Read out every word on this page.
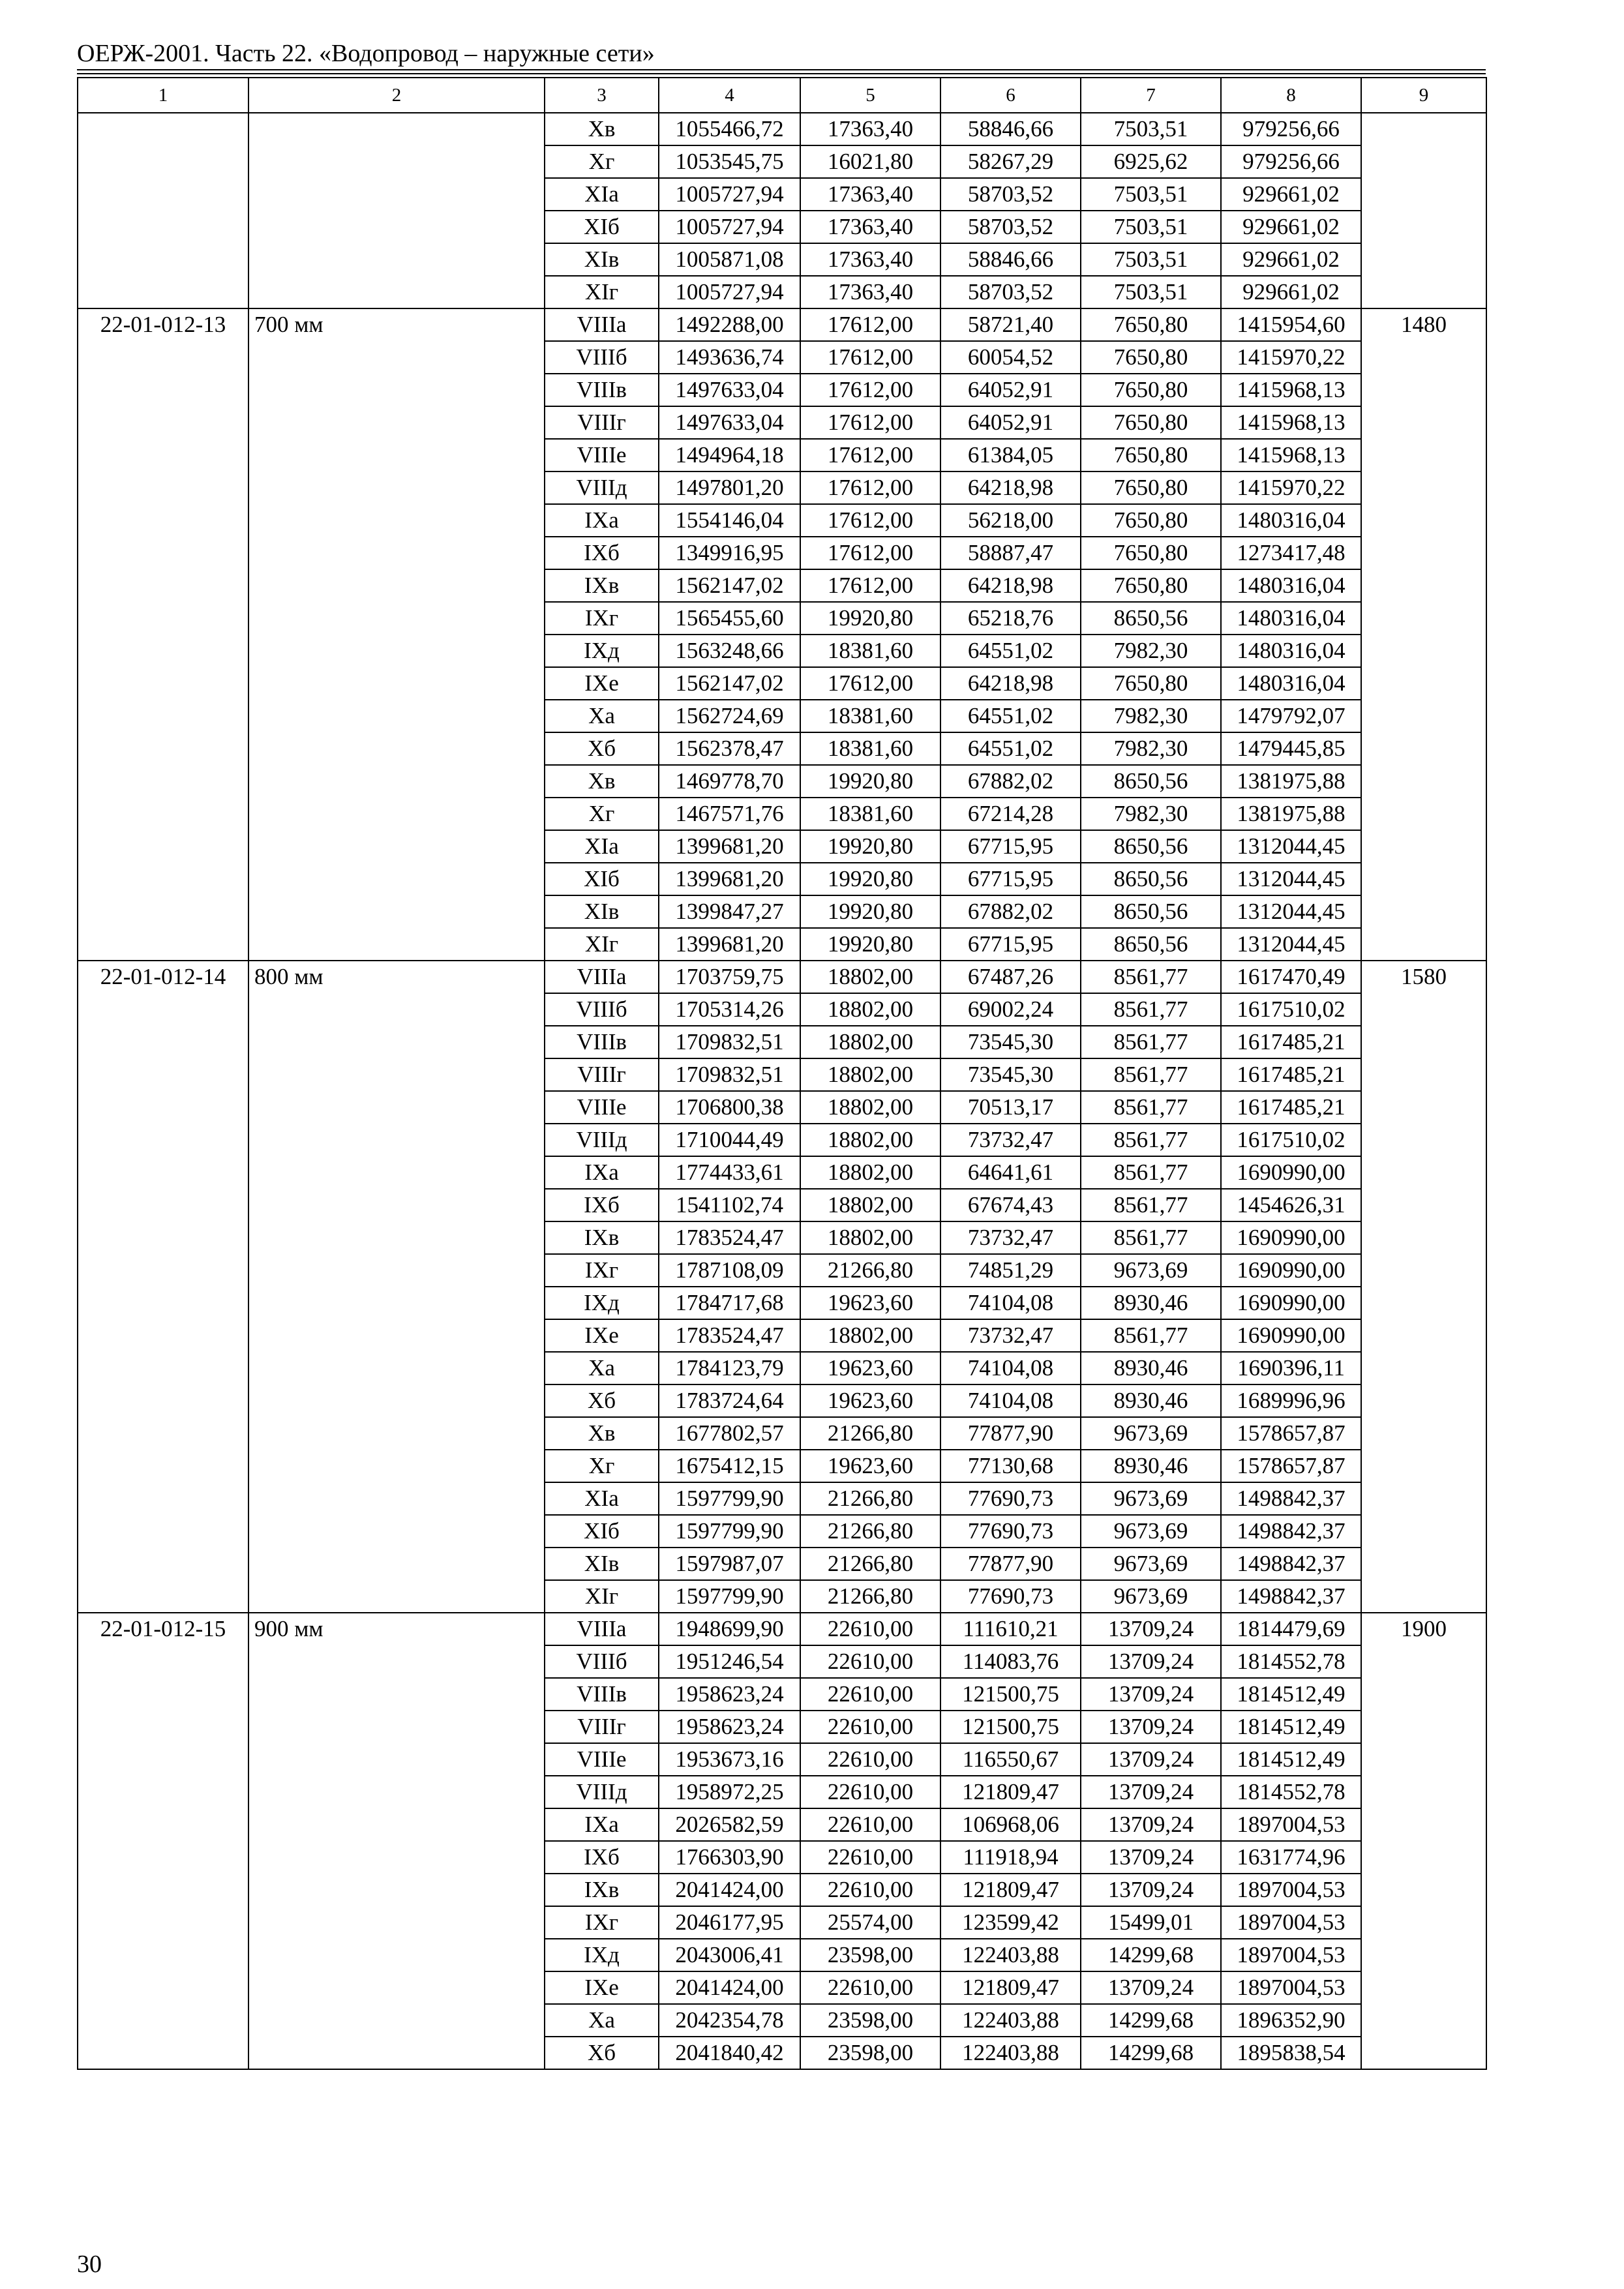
ОЕРЖ-2001. Часть 22. «Водопровод – наружные сети»
1	2	3	4	5	6	7	8	9
		Хв	1055466,72	17363,40	58846,66	7503,51	979256,66	
		Хг	1053545,75	16021,80	58267,29	6925,62	979256,66	
		ХIа	1005727,94	17363,40	58703,52	7503,51	929661,02	
		ХIб	1005727,94	17363,40	58703,52	7503,51	929661,02	
		ХIв	1005871,08	17363,40	58846,66	7503,51	929661,02	
		ХIг	1005727,94	17363,40	58703,52	7503,51	929661,02	
22-01-012-13	700 мм	VIIIа	1492288,00	17612,00	58721,40	7650,80	1415954,60	1480
		VIIIб	1493636,74	17612,00	60054,52	7650,80	1415970,22	
		VIIIв	1497633,04	17612,00	64052,91	7650,80	1415968,13	
		VIIIг	1497633,04	17612,00	64052,91	7650,80	1415968,13	
		VIIIе	1494964,18	17612,00	61384,05	7650,80	1415968,13	
		VIIIд	1497801,20	17612,00	64218,98	7650,80	1415970,22	
		IХа	1554146,04	17612,00	56218,00	7650,80	1480316,04	
		IХб	1349916,95	17612,00	58887,47	7650,80	1273417,48	
		IХв	1562147,02	17612,00	64218,98	7650,80	1480316,04	
		IХг	1565455,60	19920,80	65218,76	8650,56	1480316,04	
		IХд	1563248,66	18381,60	64551,02	7982,30	1480316,04	
		IХе	1562147,02	17612,00	64218,98	7650,80	1480316,04	
		Ха	1562724,69	18381,60	64551,02	7982,30	1479792,07	
		Хб	1562378,47	18381,60	64551,02	7982,30	1479445,85	
		Хв	1469778,70	19920,80	67882,02	8650,56	1381975,88	
		Хг	1467571,76	18381,60	67214,28	7982,30	1381975,88	
		ХIа	1399681,20	19920,80	67715,95	8650,56	1312044,45	
		ХIб	1399681,20	19920,80	67715,95	8650,56	1312044,45	
		ХIв	1399847,27	19920,80	67882,02	8650,56	1312044,45	
		ХIг	1399681,20	19920,80	67715,95	8650,56	1312044,45	
22-01-012-14	800 мм	VIIIа	1703759,75	18802,00	67487,26	8561,77	1617470,49	1580
		VIIIб	1705314,26	18802,00	69002,24	8561,77	1617510,02	
		VIIIв	1709832,51	18802,00	73545,30	8561,77	1617485,21	
		VIIIг	1709832,51	18802,00	73545,30	8561,77	1617485,21	
		VIIIе	1706800,38	18802,00	70513,17	8561,77	1617485,21	
		VIIIд	1710044,49	18802,00	73732,47	8561,77	1617510,02	
		IХа	1774433,61	18802,00	64641,61	8561,77	1690990,00	
		IХб	1541102,74	18802,00	67674,43	8561,77	1454626,31	
		IХв	1783524,47	18802,00	73732,47	8561,77	1690990,00	
		IХг	1787108,09	21266,80	74851,29	9673,69	1690990,00	
		IХд	1784717,68	19623,60	74104,08	8930,46	1690990,00	
		IХе	1783524,47	18802,00	73732,47	8561,77	1690990,00	
		Ха	1784123,79	19623,60	74104,08	8930,46	1690396,11	
		Хб	1783724,64	19623,60	74104,08	8930,46	1689996,96	
		Хв	1677802,57	21266,80	77877,90	9673,69	1578657,87	
		Хг	1675412,15	19623,60	77130,68	8930,46	1578657,87	
		ХIа	1597799,90	21266,80	77690,73	9673,69	1498842,37	
		ХIб	1597799,90	21266,80	77690,73	9673,69	1498842,37	
		ХIв	1597987,07	21266,80	77877,90	9673,69	1498842,37	
		ХIг	1597799,90	21266,80	77690,73	9673,69	1498842,37	
22-01-012-15	900 мм	VIIIа	1948699,90	22610,00	111610,21	13709,24	1814479,69	1900
		VIIIб	1951246,54	22610,00	114083,76	13709,24	1814552,78	
		VIIIв	1958623,24	22610,00	121500,75	13709,24	1814512,49	
		VIIIг	1958623,24	22610,00	121500,75	13709,24	1814512,49	
		VIIIе	1953673,16	22610,00	116550,67	13709,24	1814512,49	
		VIIIд	1958972,25	22610,00	121809,47	13709,24	1814552,78	
		IХа	2026582,59	22610,00	106968,06	13709,24	1897004,53	
		IХб	1766303,90	22610,00	111918,94	13709,24	1631774,96	
		IХв	2041424,00	22610,00	121809,47	13709,24	1897004,53	
		IХг	2046177,95	25574,00	123599,42	15499,01	1897004,53	
		IХд	2043006,41	23598,00	122403,88	14299,68	1897004,53	
		IХе	2041424,00	22610,00	121809,47	13709,24	1897004,53	
		Ха	2042354,78	23598,00	122403,88	14299,68	1896352,90	
		Хб	2041840,42	23598,00	122403,88	14299,68	1895838,54	
30
